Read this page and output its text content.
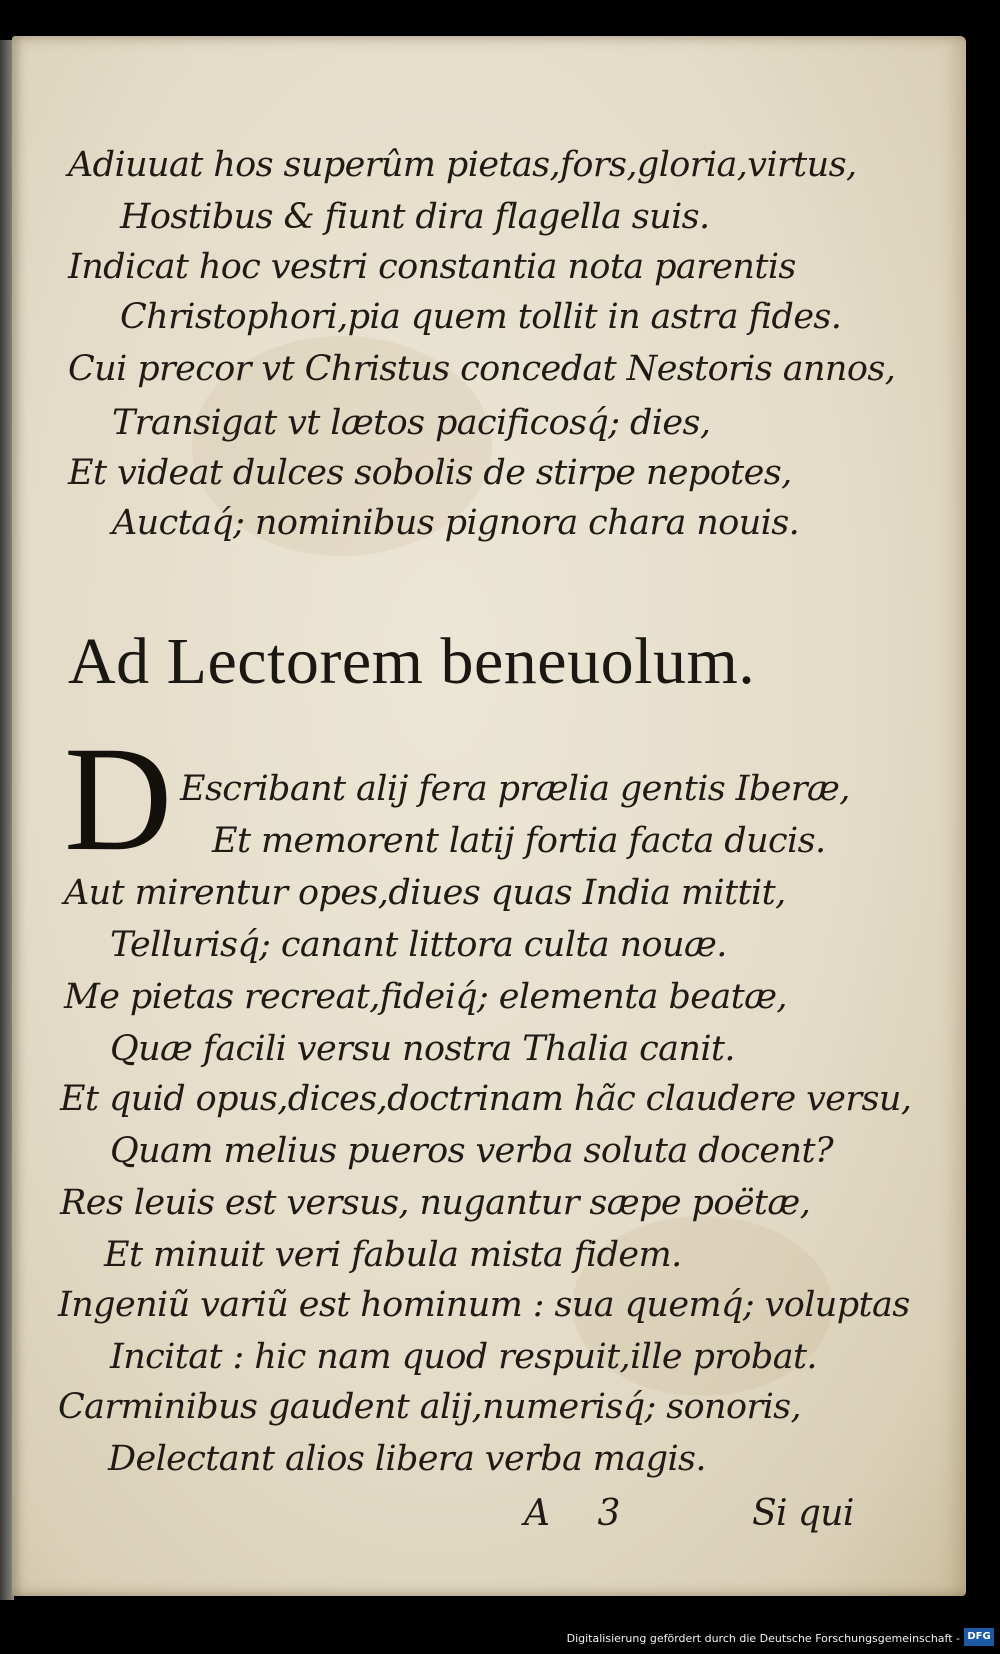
Adiuuat hos superûm pietas,fors,gloria,virtus,
Hostibus & fiunt dira flagella suis.
Indicat hoc vestri constantia nota parentis
Christophori,pia quem tollit in astra fides.
Cui precor vt Christus concedat Nestoris annos,
Transigat vt lætos pacificosq́; dies,
Et videat dulces sobolis de stirpe nepotes,
Auctaq́; nominibus pignora chara nouis.
Ad Lectorem beneuolum.
D Escribant alij fera prælia gentis Iberæ,
Et memorent latij fortia facta ducis.
Aut mirentur opes,diues quas India mittit,
Tellurisq́; canant littora culta nouæ.
Me pietas recreat,fideiq́; elementa beatæ,
Quæ facili versu nostra Thalia canit.
Et quid opus,dices,doctrinam hãc claudere versu,
Quam melius pueros verba soluta docent?
Res leuis est versus, nugantur sæpe poëtæ,
Et minuit veri fabula mista fidem.
Ingeniũ variũ est hominum : sua quemq́; voluptas
Incitat : hic nam quod respuit,ille probat.
Carminibus gaudent alij,numerisq́; sonoris,
Delectant alios libera verba magis.
A 3	Si qui
Digitalisierung gefördert durch die Deutsche Forschungsgemeinschaft - DFG
